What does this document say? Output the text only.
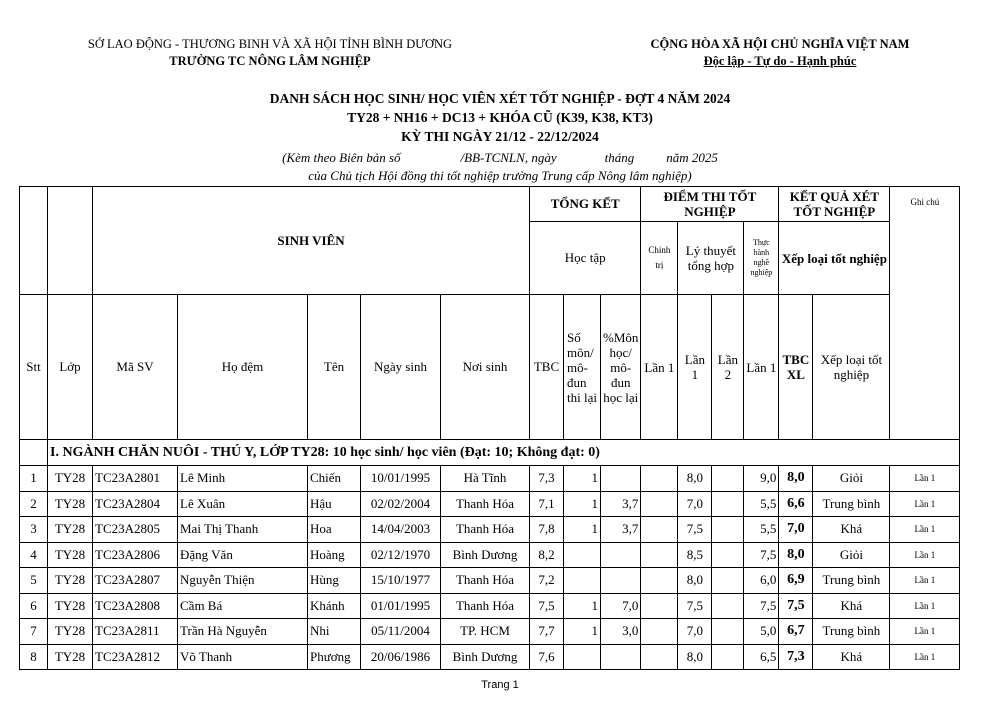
SỞ LAO ĐỘNG - THƯƠNG BINH VÀ XÃ HỘI TỈNH BÌNH DƯƠNG
TRƯỜNG TC NÔNG LÂM NGHIỆP
CỘNG HÒA XÃ HỘI CHỦ NGHĨA VIỆT NAM
Độc lập - Tự do - Hạnh phúc
DANH SÁCH HỌC SINH/ HỌC VIÊN XÉT TỐT NGHIỆP - ĐỢT 4 NĂM 2024
TY28 + NH16 + DC13 + KHÓA CŨ (K39, K38, KT3)
KỲ THI NGÀY 21/12 - 22/12/2024
(Kèm theo Biên bản số	/BB-TCNLN, ngày	tháng năm 2025
của Chủ tịch Hội đồng thi tốt nghiệp trường Trung cấp Nông lâm nghiệp)
		SINH VIÊN					TỔNG KẾT			ĐIỂM THI TỐT NGHIỆP				KẾT QUẢ XÉT TỐT NGHIỆP		Ghi chú
							Học tập			Chính trị	Lý thuyết tổng hợp		Thực hành nghề nghiệp	Xếp loại tốt nghiệp		
Stt	Lớp	Mã SV	Họ đệm	Tên	Ngày sinh	Nơi sinh	TBC	Số môn/ mô-đun thi lại	%Môn học/ mô-đun học lại	Lần 1	Lần 1	Lần 2	Lần 1	TBC XL	Xếp loại tốt nghiệp	
	I. NGÀNH CHĂN NUÔI - THÚ Y, LỚP TY28: 10 học sinh/ học viên (Đạt: 10; Không đạt: 0)															
1	TY28	TC23A2801	Lê Minh	Chiến	10/01/1995	Hà Tĩnh	7,3	1			8,0		9,0	8,0	Giỏi	Lần 1
2	TY28	TC23A2804	Lê Xuân	Hậu	02/02/2004	Thanh Hóa	7,1	1	3,7		7,0		5,5	6,6	Trung bình	Lần 1
3	TY28	TC23A2805	Mai Thị Thanh	Hoa	14/04/2003	Thanh Hóa	7,8	1	3,7		7,5		5,5	7,0	Khá	Lần 1
4	TY28	TC23A2806	Đặng Văn	Hoàng	02/12/1970	Bình Dương	8,2				8,5		7,5	8,0	Giỏi	Lần 1
5	TY28	TC23A2807	Nguyễn Thiện	Hùng	15/10/1977	Thanh Hóa	7,2				8,0		6,0	6,9	Trung bình	Lần 1
6	TY28	TC23A2808	Cầm Bá	Khánh	01/01/1995	Thanh Hóa	7,5	1	7,0		7,5		7,5	7,5	Khá	Lần 1
7	TY28	TC23A2811	Trần Hà Nguyễn	Nhi	05/11/2004	TP. HCM	7,7	1	3,0		7,0		5,0	6,7	Trung bình	Lần 1
8	TY28	TC23A2812	Võ Thanh	Phương	20/06/1986	Bình Dương	7,6				8,0		6,5	7,3	Khá	Lần 1
Trang 1
